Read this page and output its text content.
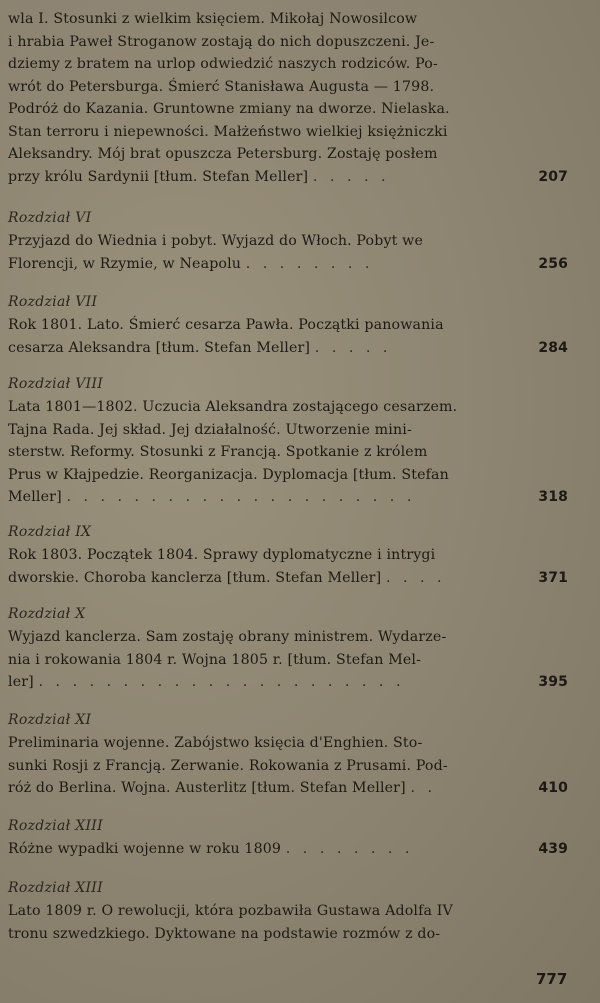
wla I. Stosunki z wielkim księciem. Mikołaj Nowosilcow
i hrabia Paweł Stroganow zostają do nich dopuszczeni. Je-
dziemy z bratem na urlop odwiedzić naszych rodziców. Po-
wrót do Petersburga. Śmierć Stanisława Augusta — 1798.
Podróż do Kazania. Gruntowne zmiany na dworze. Nielaska.
Stan terroru i niepewności. Małżeństwo wielkiej księżniczki
Aleksandry. Mój brat opuszcza Petersburg. Zostaję posłem
przy królu Sardynii [tłum. Stefan Meller] . . . . .	207
Rozdział VI
Przyjazd do Wiednia i pobyt. Wyjazd do Włoch. Pobyt we
Florencji, w Rzymie, w Neapolu . . . . . . . .	256
Rozdział VII
Rok 1801. Lato. Śmierć cesarza Pawła. Początki panowania
cesarza Aleksandra [tłum. Stefan Meller] . . . . .	284
Rozdział VIII
Lata 1801—1802. Uczucia Aleksandra zostającego cesarzem.
Tajna Rada. Jej skład. Jej działalność. Utworzenie mini-
sterstw. Reformy. Stosunki z Francją. Spotkanie z królem
Prus w Kłajpedzie. Reorganizacja. Dyplomacja [tłum. Stefan
Meller] . . . . . . . . . . . . . . . . . . . . .	318
Rozdział IX
Rok 1803. Początek 1804. Sprawy dyplomatyczne i intrygi
dworskie. Choroba kanclerza [tłum. Stefan Meller] . . . .	371
Rozdział X
Wyjazd kanclerza. Sam zostaję obrany ministrem. Wydarze-
nia i rokowania 1804 r. Wojna 1805 r. [tłum. Stefan Mel-
ler] . . . . . . . . . . . . . . . . . . . . . .	395
Rozdział XI
Preliminaria wojenne. Zabójstwo księcia d'Enghien. Sto-
sunki Rosji z Francją. Zerwanie. Rokowania z Prusami. Pod-
róż do Berlina. Wojna. Austerlitz [tłum. Stefan Meller] . .	410
Rozdział XIII
Różne wypadki wojenne w roku 1809 . . . . . . . .	439
Rozdział XIII
Lato 1809 r. O rewolucji, która pozbawiła Gustawa Adolfa IV
tronu szwedzkiego. Dyktowane na podstawie rozmów z do-
777
